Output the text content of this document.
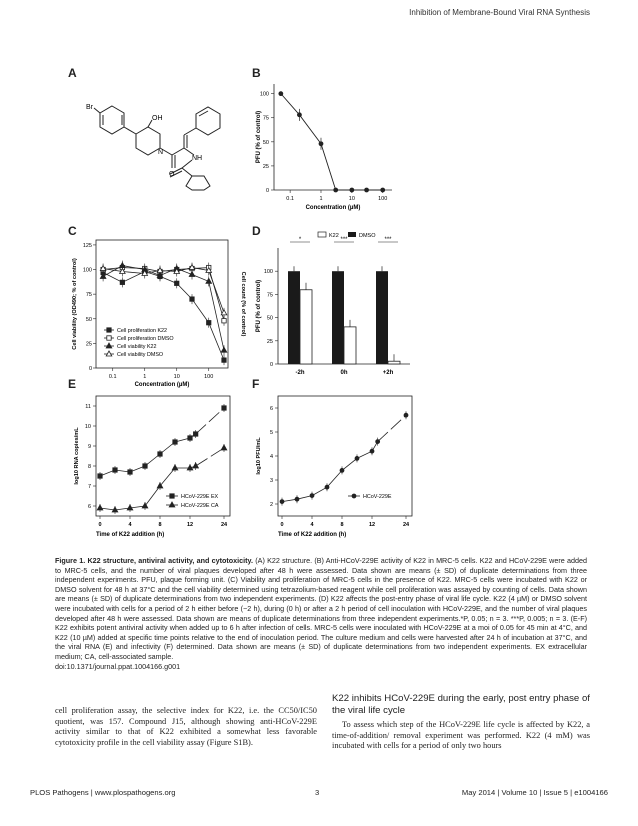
Inhibition of Membrane-Bound Viral RNA Synthesis
A	B
C	D
E	F
Br
OH
N
O
NH
0
25
50
75
100
0.1	1	10	100
Concentration (µM)
PFU (% of control)
0
25
50
75
100
125
0.1	1	10	100
Concentration (µM)
Cell viability (OD490; % of control)	Cell count (% of control)
Cell proliferation K22
Cell proliferation DMSO
Cell viability K22
Cell viability DMSO
0
25
50
75
100
PFU (% of control)
-2h
*
0h
***
+2h
***
K22	DMSO
6
7
8
9
10
11
0	4	8	12	24
Time of K22 addition (h)
log10 RNA copies/mL
HCoV-229E EX
HCoV-229E CA	2
3
4
5
6
0	4	8	12	24
Time of K22 addition (h)
log10 PFU/mL
HCoV-229E
Figure 1. K22 structure, antiviral activity, and cytotoxicity. (A) K22 structure. (B) Anti-HCoV-229E activity of K22 in MRC-5 cells. K22 and HCoV-229E were added to MRC-5 cells, and the number of viral plaques developed after 48 h were assessed. Data shown are means (± SD) of duplicate determinations from three independent experiments. PFU, plaque forming unit. (C) Viability and proliferation of MRC-5 cells in the presence of K22. MRC-5 cells were incubated with K22 or DMSO solvent for 48 h at 37°C and the cell viability determined using tetrazolium-based reagent while cell proliferation was assayed by counting of cells. Data shown are means (± SD) of duplicate determinations from two independent experiments. (D) K22 affects the post-entry phase of viral life cycle. K22 (4 µM) or DMSO solvent were incubated with cells for a period of 2 h either before (−2 h), during (0 h) or after a 2 h period of cell inoculation with HCoV-229E, and the number of viral plaques developed after 48 h were assessed. Data shown are means of duplicate determinations from three independent experiments.*P, 0.05; n = 3. ***P, 0.005; n = 3. (E-F) K22 exhibits potent antiviral activity when added up to 6 h after infection of cells. MRC-5 cells were inoculated with HCoV-229E at a moi of 0.05 for 45 min at 4°C, and K22 (10 µM) added at specific time points relative to the end of inoculation period. The culture medium and cells were harvested after 24 h of incubation at 37°C, and the viral RNA (E) and infectivity (F) determined. Data shown are means (± SD) of duplicate determinations from two independent experiments. EX extracellular medium; CA, cell-associated sample.
doi:10.1371/journal.ppat.1004166.g001
cell proliferation assay, the selective index for K22, i.e. the CC50/IC50 quotient, was 157. Compound J15, although showing anti-HCoV-229E activity similar to that of K22 exhibited a somewhat less favorable cytotoxicity profile in the cell viability assay (Figure S1B).
K22 inhibits HCoV-229E during the early, post entry phase of the viral life cycle
To assess which step of the HCoV-229E life cycle is affected by K22, a time-of-addition/ removal experiment was performed. K22 (4 mM) was incubated with cells for a period of only two hours
PLOS Pathogens | www.plospathogens.org	3	May 2014 | Volume 10 | Issue 5 | e1004166
